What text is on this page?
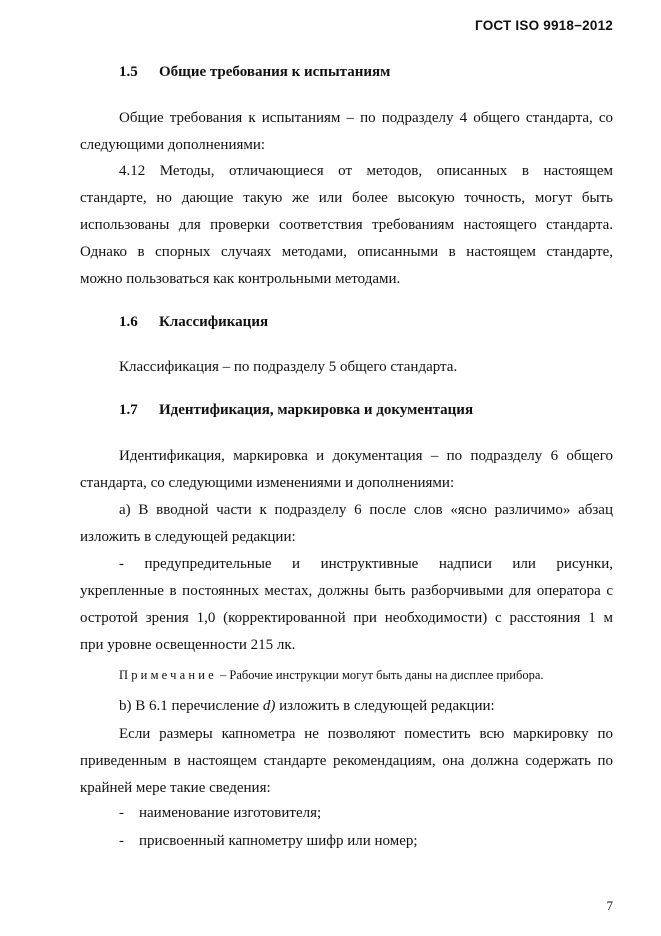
ГОСТ ISO 9918−2012
1.5 Общие требования к испытаниям
Общие требования к испытаниям – по подразделу 4 общего стандарта, со
следующими дополнениями:
4.12 Методы, отличающиеся от методов, описанных в настоящем
стандарте, но дающие такую же или более высокую точность, могут быть
использованы для проверки соответствия требованиям настоящего стандарта.
Однако в спорных случаях методами, описанными в настоящем стандарте,
можно пользоваться как контрольными методами.
1.6 Классификация
Классификация – по подразделу 5 общего стандарта.
1.7 Идентификация, маркировка и документация
Идентификация, маркировка и документация – по подразделу 6 общего
стандарта, со следующими изменениями и дополнениями:
a) В вводной части к подразделу 6 после слов «ясно различимо» абзац
изложить в следующей редакции:
- предупредительные и инструктивные надписи или рисунки,
укрепленные в постоянных местах, должны быть разборчивыми для оператора с
остротой зрения 1,0 (корректированной при необходимости) с расстояния 1 м
при уровне освещенности 215 лк.
Примечание – Рабочие инструкции могут быть даны на дисплее прибора.
b) В 6.1 перечисление d) изложить в следующей редакции:
Если размеры капнометра не позволяют поместить всю маркировку по
приведенным в настоящем стандарте рекомендациям, она должна содержать по
крайней мере такие сведения:
- наименование изготовителя;
- присвоенный капнометру шифр или номер;
7
